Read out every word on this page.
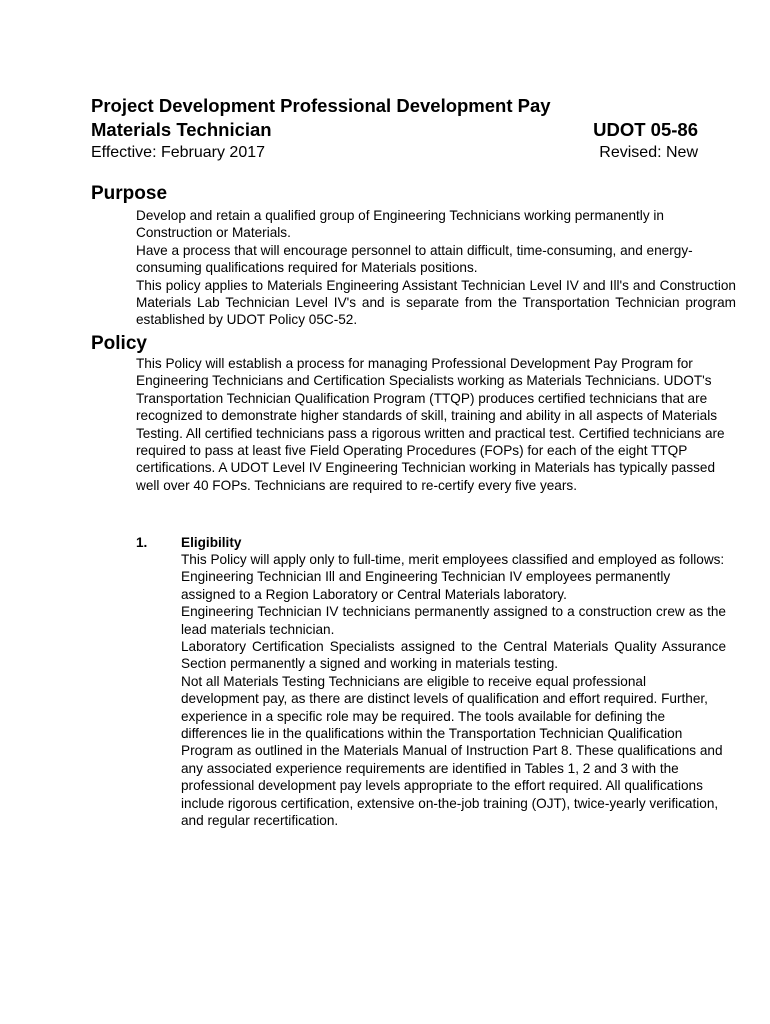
Project Development Professional Development Pay
Materials Technician	UDOT 05-86
Effective: February 2017	Revised: New
Purpose

Develop and retain a qualified group of Engineering Technicians working permanently in Construction or Materials.

Have a process that will encourage personnel to attain difficult, time-consuming, and energy-consuming qualifications required for Materials positions.

This policy applies to Materials Engineering Assistant Technician Level IV and Ill's and Construction Materials Lab Technician Level IV's and is separate from the Transportation Technician program established by UDOT Policy 05C-52.

Policy

This Policy will establish a process for managing Professional Development Pay Program for Engineering Technicians and Certification Specialists working as Materials Technicians. UDOT's Transportation Technician Qualification Program (TTQP) produces certified technicians that are recognized to demonstrate higher standards of skill, training and ability in all aspects of Materials Testing. All certified technicians pass a rigorous written and practical test. Certified technicians are required to pass at least five Field Operating Procedures (FOPs) for each of the eight TTQP certifications. A UDOT Level IV Engineering Technician working in Materials has typically passed well over 40 FOPs. Technicians are required to re-certify every five years.

1. Eligibility

This Policy will apply only to full-time, merit employees classified and employed as follows:

Engineering Technician Ill and Engineering Technician IV employees permanently assigned to a Region Laboratory or Central Materials laboratory.

Engineering Technician IV technicians permanently assigned to a construction crew as the lead materials technician.

Laboratory Certification Specialists assigned to the Central Materials Quality Assurance Section permanently a signed and working in materials testing.

Not all Materials Testing Technicians are eligible to receive equal professional development pay, as there are distinct levels of qualification and effort required. Further, experience in a specific role may be required. The tools available for defining the differences lie in the qualifications within the Transportation Technician Qualification Program as outlined in the Materials Manual of Instruction Part 8. These qualifications and any associated experience requirements are identified in Tables 1, 2 and 3 with the professional development pay levels appropriate to the effort required. All qualifications include rigorous certification, extensive on-the-job training (OJT), twice-yearly verification, and regular recertification.
